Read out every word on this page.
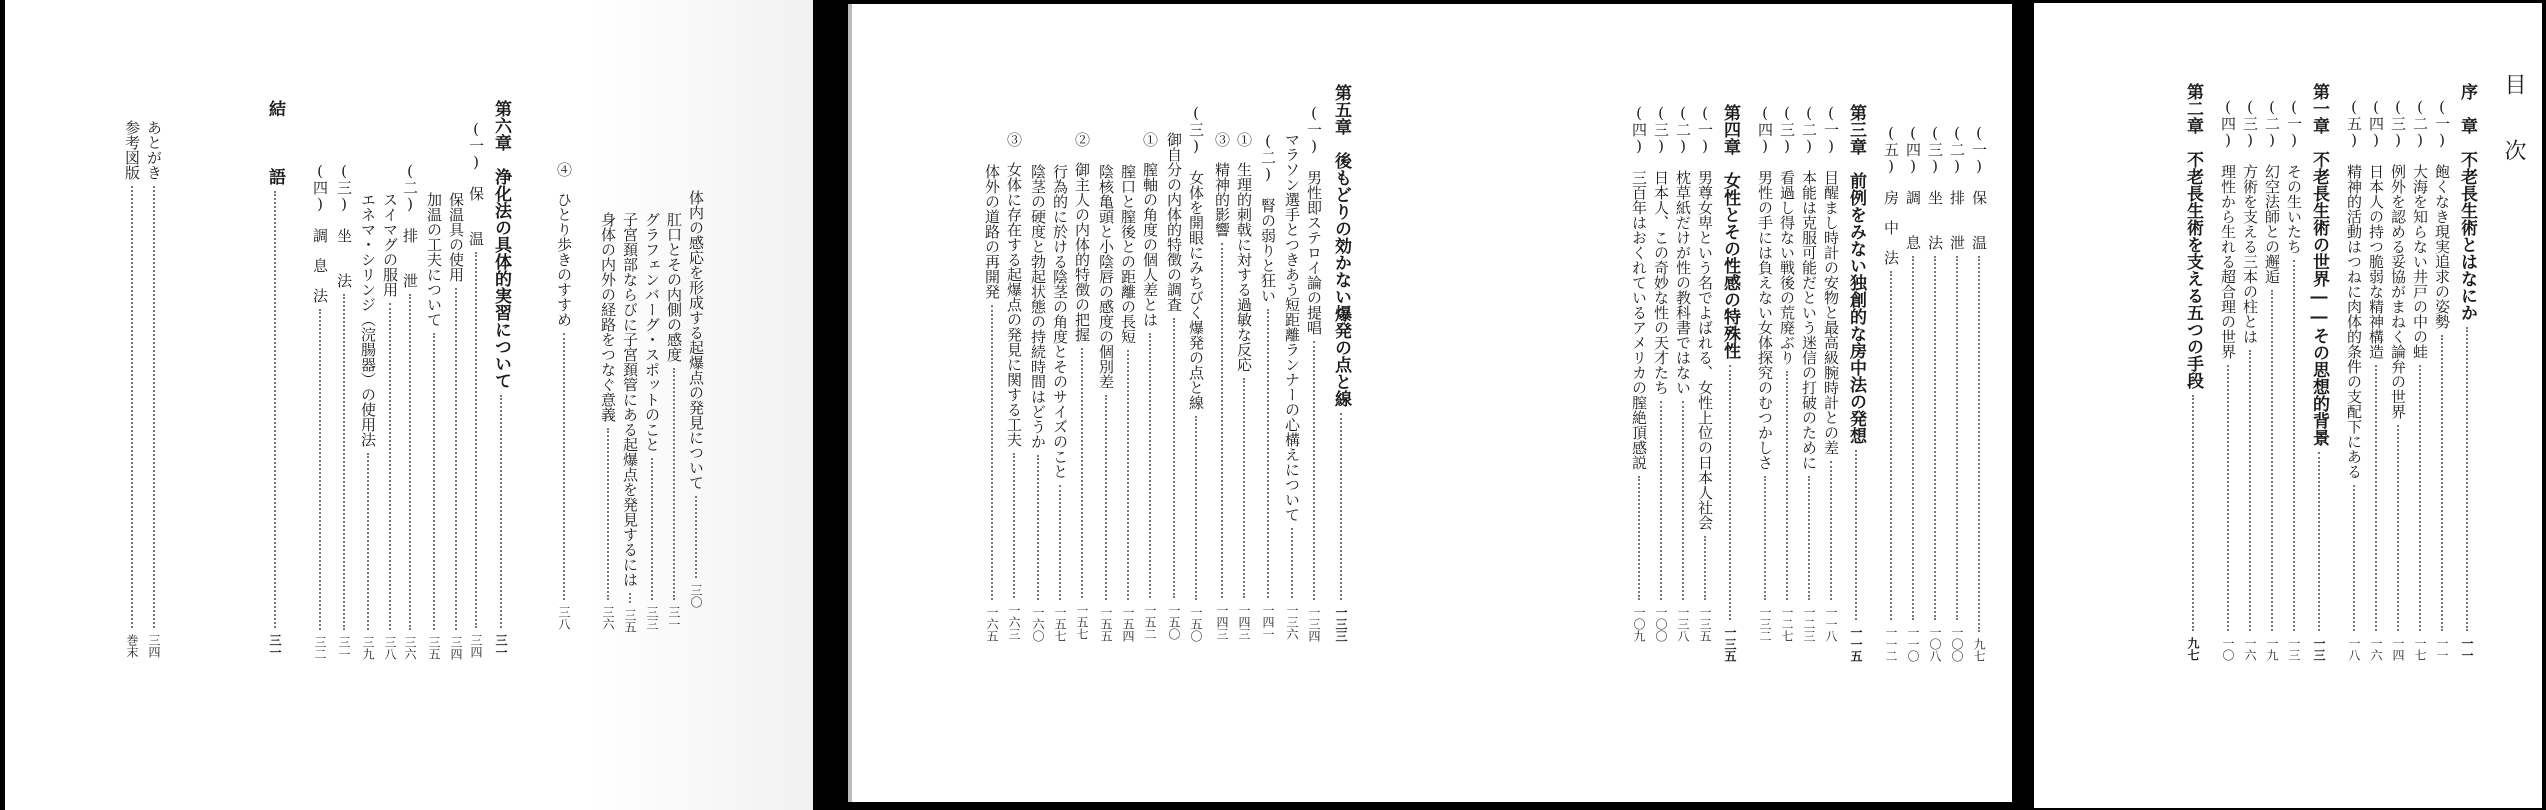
体内の感応を形成する起爆点の発見について三〇
肛口とその内側の感度三一
グラフェンバーグ・スポットのこと三三
子宮頚部ならびに子宮頚管にある起爆点を発見するには三五
身体の内外の経路をつなぐ意義三六
④　ひとり歩きのすすめ三八
第六章　浄化法の具体的実習について三一
(一)　保　　温三四
保温具の使用三四
加温の工夫について三五
(二)　排　　泄三六
スイマグの服用三八
エネマ・シリンジ（浣腸器）の使用法三九
(三)　坐　　法三一
(四)　調　息　法三二
結　　　語三一
あとがき三四
参考図版巻末
第五章　後もどりの効かない爆発の点と線一三三
(一)　男性即ステロイ論の提唱一三四
マラソン選手とつきあう短距離ランナーの心構えについて一三六
(二)　腎の弱りと狂い一四一
①　生理的刺戟に対する過敏な反応一四三
③　精神的影響一四三
(三)　女体を開眼にみちびく爆発の点と線一五〇
御自分の内体的特徴の調査一五〇
①　膣軸の角度の個人差とは一五二
膣口と膣後との距離の長短一五四
陰核亀頭と小陰唇の感度の個別差一五五
②　御主人の内体的特徴の把握一五七
行為的に於ける陰茎の角度とそのサイズのこと一五七
陰茎の硬度と勃起状態の持続時間はどうか一六〇
③　女体に存在する起爆点の発見に関する工夫一六三
体外の道路の再開発一六五
(一)　保　　温九七
(二)　排　　泄一〇〇
(三)　坐　　法一〇八
(四)　調　　息一一〇
(五)　房　中　法一一二
第三章　前例をみない独創的な房中法の発想一一五
(一)　目醒まし時計の安物と最高級腕時計との差一一八
(二)　本能は克服可能だという迷信の打破のために一二三
(三)　看過し得ない戦後の荒廃ぶり一二七
(四)　男性の手には負えない女体探究のむつかしさ一三二
第四章　女性とその性感の特殊性一三五
(一)　男尊女卑という名でよばれる、女性上位の日本人社会一三五
(二)　枕草紙だけが性の教科書ではない一三八
(三)　日本人、この奇妙な性の天才たち一〇〇
(四)　三百年はおくれているアメリカの膣絶頂感説一〇九
目　　次
序　章　不老長生術とはなにか一一
(一)　飽くなき現実追求の姿勢一一
(二)　大海を知らない井戸の中の蛙一七
(三)　例外を認める妥協がまねく論弁の世界一四
(四)　日本人の持つ脆弱な精神構造一六
(五)　精神的活動はつねに肉体的条件の支配下にある一八
第一章　不老長生術の世界――その思想的背景一三
(一)　その生いたち一三
(二)　幻空法師との邂逅一九
(三)　方術を支える三本の柱とは一六
(四)　理性から生れる超合理の世界一〇
第二章　不老長生術を支える五つの手段九七
